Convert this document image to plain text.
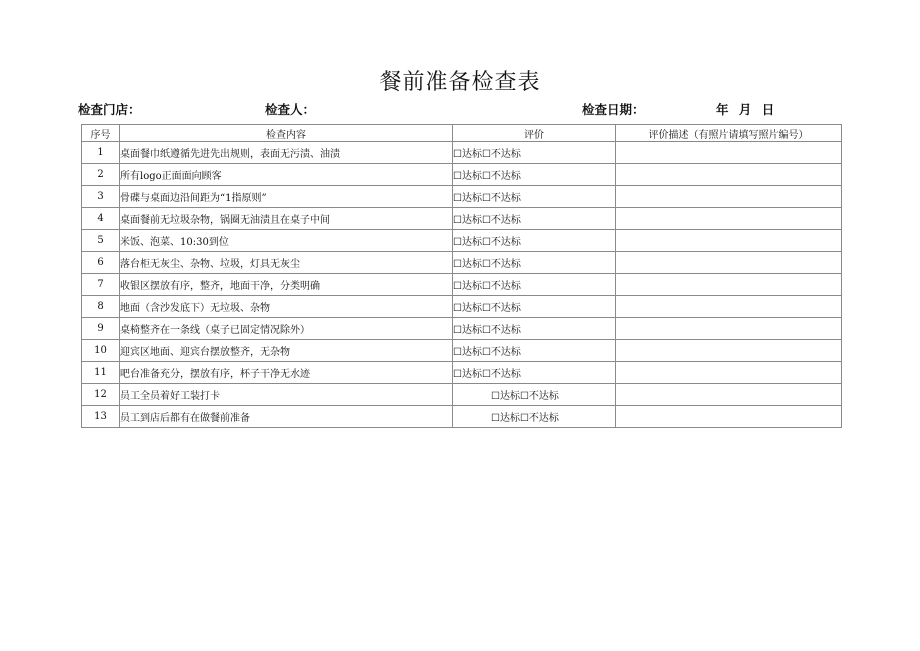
餐前准备检查表
检查门店：	检查人：	检查日期：	年 月 日
序号	检查内容	评价	评价描述（有照片请填写照片编号）
1	桌面餐巾纸遵循先进先出规则，表面无污渍、油渍	☐达标☐不达标	
2	所有logo正面面向顾客	☐达标☐不达标	
3	骨碟与桌面边沿间距为“1指原则”	☐达标☐不达标	
4	桌面餐前无垃圾杂物，锅圈无油渍且在桌子中间	☐达标☐不达标	
5	米饭、泡菜、10:30到位	☐达标☐不达标	
6	落台柜无灰尘、杂物、垃圾，灯具无灰尘	☐达标☐不达标	
7	收银区摆放有序，整齐，地面干净，分类明确	☐达标☐不达标	
8	地面（含沙发底下）无垃圾、杂物	☐达标☐不达标	
9	桌椅整齐在一条线（桌子已固定情况除外）	☐达标☐不达标	
10	迎宾区地面、迎宾台摆放整齐，无杂物	☐达标☐不达标	
11	吧台准备充分，摆放有序，杯子干净无水迹	☐达标☐不达标	
12	员工全员着好工装打卡	☐达标☐不达标	
13	员工到店后都有在做餐前准备	☐达标☐不达标	
